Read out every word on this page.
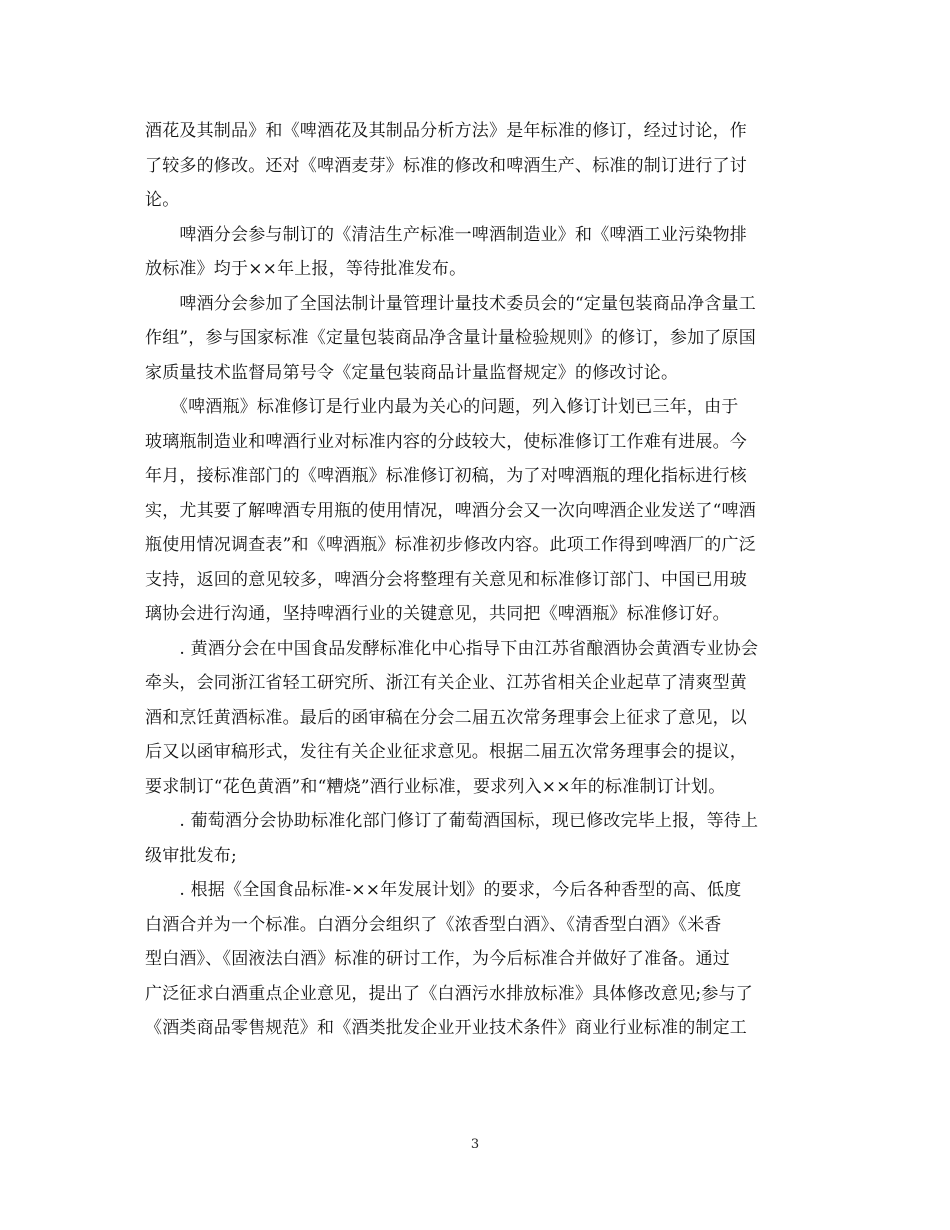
酒花及其制品》和《啤酒花及其制品分析方法》是年标准的修订，经过讨论，作
了较多的修改。还对《啤酒麦芽》标准的修改和啤酒生产、标准的制订进行了讨
论。
　　啤酒分会参与制订的《清洁生产标准一啤酒制造业》和《啤酒工业污染物排
放标准》均于××年上报，等待批准发布。
　　啤酒分会参加了全国法制计量管理计量技术委员会的“定量包装商品净含量工
作组”，参与国家标准《定量包装商品净含量计量检验规则》的修订，参加了原国
家质量技术监督局第号令《定量包装商品计量监督规定》的修改讨论。
　　《啤酒瓶》标准修订是行业内最为关心的问题，列入修订计划已三年，由于
玻璃瓶制造业和啤酒行业对标准内容的分歧较大，使标准修订工作难有进展。今
年月，接标准部门的《啤酒瓶》标准修订初稿，为了对啤酒瓶的理化指标进行核
实，尤其要了解啤酒专用瓶的使用情况，啤酒分会又一次向啤酒企业发送了“啤酒
瓶使用情况调查表”和《啤酒瓶》标准初步修改内容。此项工作得到啤酒厂的广泛
支持，返回的意见较多，啤酒分会将整理有关意见和标准修订部门、中国已用玻
璃协会进行沟通，坚持啤酒行业的关键意见，共同把《啤酒瓶》标准修订好。
　　. 黄酒分会在中国食品发酵标准化中心指导下由江苏省酿酒协会黄酒专业协会
牵头，会同浙江省轻工研究所、浙江有关企业、江苏省相关企业起草了清爽型黄
酒和烹饪黄酒标准。最后的函审稿在分会二届五次常务理事会上征求了意见，以
后又以函审稿形式，发往有关企业征求意见。根据二届五次常务理事会的提议，
要求制订“花色黄酒”和“糟烧”酒行业标准，要求列入××年的标准制订计划。
　　. 葡萄酒分会协助标准化部门修订了葡萄酒国标，现已修改完毕上报，等待上
级审批发布;
　　. 根据《全国食品标准-××年发展计划》的要求，今后各种香型的高、低度
白酒合并为一个标准。白酒分会组织了《浓香型白酒》、《清香型白酒》《米香
型白酒》、《固液法白酒》标准的研讨工作，为今后标准合并做好了准备。通过
广泛征求白酒重点企业意见，提出了《白酒污水排放标准》具体修改意见;参与了
《酒类商品零售规范》和《酒类批发企业开业技术条件》商业行业标准的制定工
3
